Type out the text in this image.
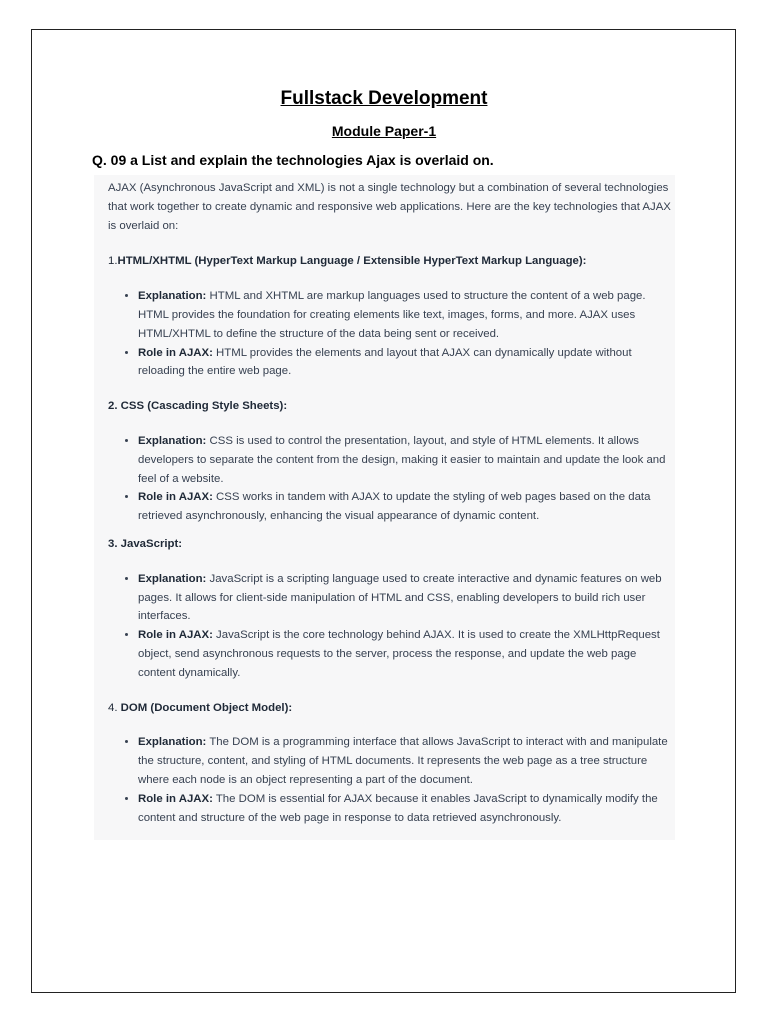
Fullstack Development
Module Paper-1
Q. 09 a List and explain the technologies Ajax is overlaid on.

AJAX (Asynchronous JavaScript and XML) is not a single technology but a combination of several technologies that work together to create dynamic and responsive web applications. Here are the key technologies that AJAX is overlaid on:

1.HTML/XHTML (HyperText Markup Language / Extensible HyperText Markup Language):

• Explanation: HTML and XHTML are markup languages used to structure the content of a web page. HTML provides the foundation for creating elements like text, images, forms, and more. AJAX uses HTML/XHTML to define the structure of the data being sent or received.
• Role in AJAX: HTML provides the elements and layout that AJAX can dynamically update without reloading the entire web page.

2. CSS (Cascading Style Sheets):

• Explanation: CSS is used to control the presentation, layout, and style of HTML elements. It allows developers to separate the content from the design, making it easier to maintain and update the look and feel of a website.
• Role in AJAX: CSS works in tandem with AJAX to update the styling of web pages based on the data retrieved asynchronously, enhancing the visual appearance of dynamic content.

3. JavaScript:

• Explanation: JavaScript is a scripting language used to create interactive and dynamic features on web pages. It allows for client-side manipulation of HTML and CSS, enabling developers to build rich user interfaces.
• Role in AJAX: JavaScript is the core technology behind AJAX. It is used to create the XMLHttpRequest object, send asynchronous requests to the server, process the response, and update the web page content dynamically.

4. DOM (Document Object Model):

• Explanation: The DOM is a programming interface that allows JavaScript to interact with and manipulate the structure, content, and styling of HTML documents. It represents the web page as a tree structure where each node is an object representing a part of the document.
• Role in AJAX: The DOM is essential for AJAX because it enables JavaScript to dynamically modify the content and structure of the web page in response to data retrieved asynchronously.
